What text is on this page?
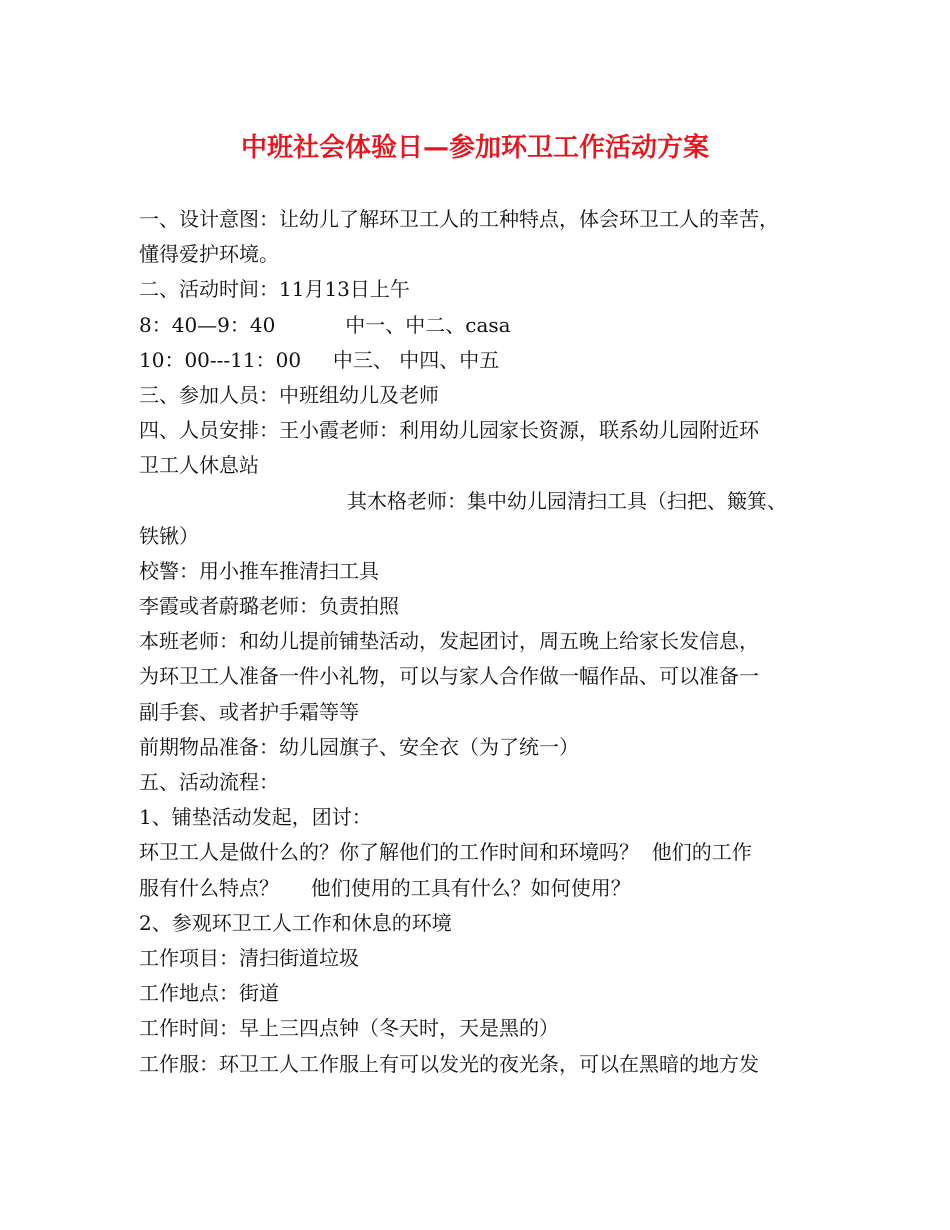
中班社会体验日—参加环卫工作活动方案
一、设计意图：让幼儿了解环卫工人的工种特点，体会环卫工人的幸苦，
懂得爱护环境。
二、活动时间：11月13日上午
8：40—9：40           中一、中二、casa
10：00---11：00     中三、 中四、中五
三、参加人员：中班组幼儿及老师
四、人员安排：王小霞老师：利用幼儿园家长资源，联系幼儿园附近环
卫工人休息站
其木格老师：集中幼儿园清扫工具（扫把、簸箕、
铁锹）
校警：用小推车推清扫工具
李霞或者蔚璐老师：负责拍照
本班老师：和幼儿提前铺垫活动，发起团讨，周五晚上给家长发信息，
为环卫工人准备一件小礼物，可以与家人合作做一幅作品、可以准备一
副手套、或者护手霜等等
前期物品准备：幼儿园旗子、安全衣（为了统一）
五、活动流程：
1、铺垫活动发起，团讨：
环卫工人是做什么的？你了解他们的工作时间和环境吗？  他们的工作
服有什么特点？     他们使用的工具有什么？如何使用？
2、参观环卫工人工作和休息的环境
工作项目：清扫街道垃圾
工作地点：街道
工作时间：早上三四点钟（冬天时，天是黑的）
工作服：环卫工人工作服上有可以发光的夜光条，可以在黑暗的地方发
